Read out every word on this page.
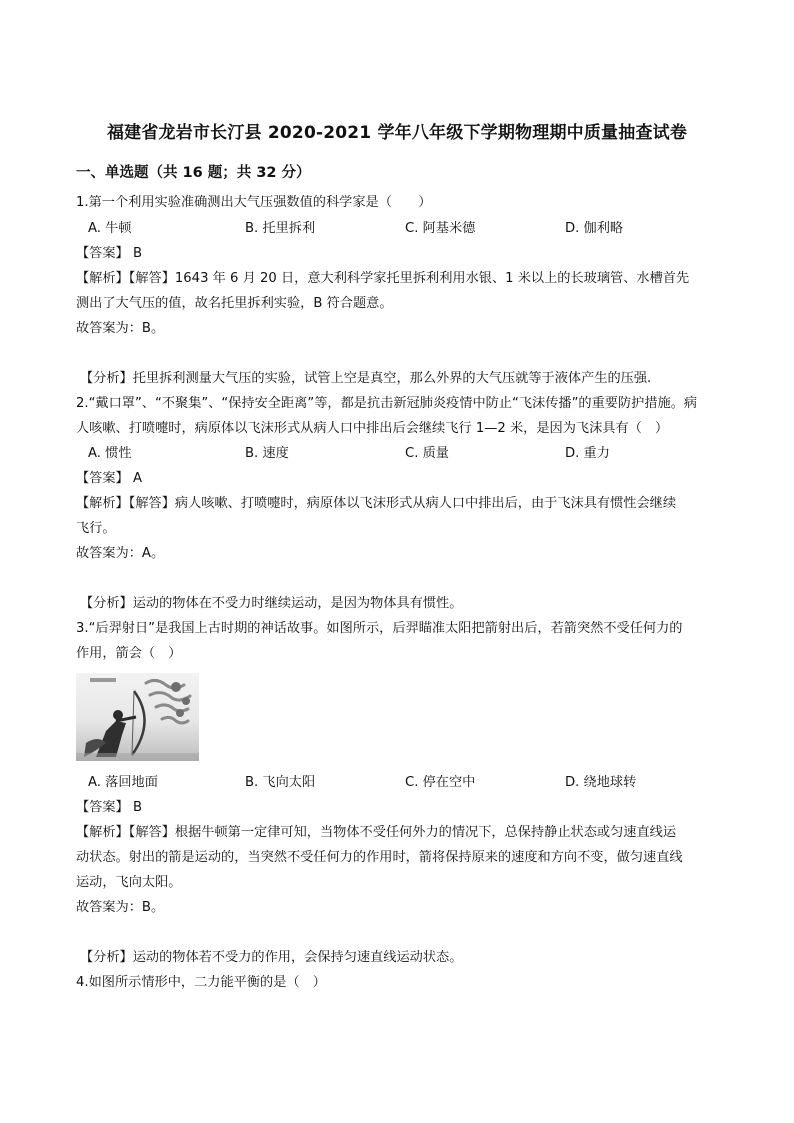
福建省龙岩市长汀县 2020-2021 学年八年级下学期物理期中质量抽查试卷
一、单选题（共 16 题；共 32 分）
1.第一个利用实验准确测出大气压强数值的科学家是（　　）
A. 牛顿	B. 托里拆利	C. 阿基米德	D. 伽利略
【答案】 B
【解析】【解答】1643 年 6 月 20 日，意大利科学家托里拆利利用水银、1 米以上的长玻璃管、水槽首先
测出了大气压的值，故名托里拆利实验，B 符合题意。
故答案为：B。
【分析】托里拆利测量大气压的实验，试管上空是真空，那么外界的大气压就等于液体产生的压强.
2.“戴口罩”、“不聚集”、“保持安全距离”等，都是抗击新冠肺炎疫情中防止“飞沫传播”的重要防护措施。病
人咳嗽、打喷嚏时，病原体以飞沫形式从病人口中排出后会继续飞行 1—2 米，是因为飞沫具有（　）
A. 惯性	B. 速度	C. 质量	D. 重力
【答案】 A
【解析】【解答】病人咳嗽、打喷嚏时，病原体以飞沫形式从病人口中排出后，由于飞沫具有惯性会继续
飞行。
故答案为：A。
【分析】运动的物体在不受力时继续运动，是因为物体具有惯性。
3.“后羿射日”是我国上古时期的神话故事。如图所示，后羿瞄准太阳把箭射出后，若箭突然不受任何力的
作用，箭会（　）
A. 落回地面	B. 飞向太阳	C. 停在空中	D. 绕地球转
【答案】 B
【解析】【解答】根据牛顿第一定律可知，当物体不受任何外力的情况下，总保持静止状态或匀速直线运
动状态。射出的箭是运动的，当突然不受任何力的作用时，箭将保持原来的速度和方向不变，做匀速直线
运动，飞向太阳。
故答案为：B。
【分析】运动的物体若不受力的作用，会保持匀速直线运动状态。
4.如图所示情形中，二力能平衡的是（　）
